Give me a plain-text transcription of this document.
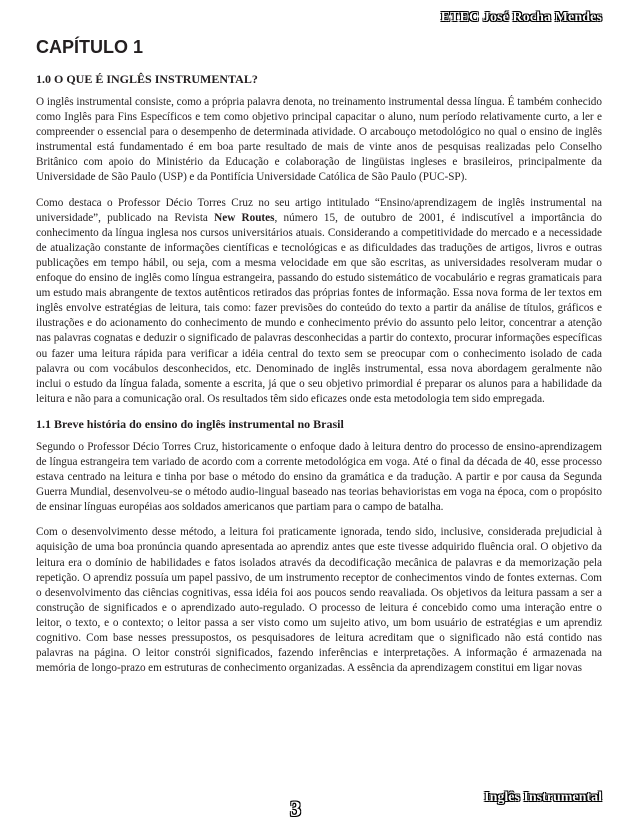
ETEC José Rocha Mendes
CAPÍTULO 1
1.0 O QUE É INGLÊS INSTRUMENTAL?

O inglês instrumental consiste, como a própria palavra denota, no treinamento instrumental dessa língua. É também conhecido como Inglês para Fins Específicos e tem como objetivo principal capacitar o aluno, num período relativamente curto, a ler e compreender o essencial para o desempenho de determinada atividade. O arcabouço metodológico no qual o ensino de inglês instrumental está fundamentado é em boa parte resultado de mais de vinte anos de pesquisas realizadas pelo Conselho Britânico com apoio do Ministério da Educação e colaboração de lingüistas ingleses e brasileiros, principalmente da Universidade de São Paulo (USP) e da Pontifícia Universidade Católica de São Paulo (PUC-SP).

Como destaca o Professor Décio Torres Cruz no seu artigo intitulado “Ensino/aprendizagem de inglês instrumental na universidade”, publicado na Revista New Routes, número 15, de outubro de 2001, é indiscutível a importância do conhecimento da língua inglesa nos cursos universitários atuais. Considerando a competitividade do mercado e a necessidade de atualização constante de informações científicas e tecnológicas e as dificuldades das traduções de artigos, livros e outras publicações em tempo hábil, ou seja, com a mesma velocidade em que são escritas, as universidades resolveram mudar o enfoque do ensino de inglês como língua estrangeira, passando do estudo sistemático de vocabulário e regras gramaticais para um estudo mais abrangente de textos autênticos retirados das próprias fontes de informação. Essa nova forma de ler textos em inglês envolve estratégias de leitura, tais como: fazer previsões do conteúdo do texto a partir da análise de títulos, gráficos e ilustrações e do acionamento do conhecimento de mundo e conhecimento prévio do assunto pelo leitor, concentrar a atenção nas palavras cognatas e deduzir o significado de palavras desconhecidas a partir do contexto, procurar informações específicas ou fazer uma leitura rápida para verificar a idéia central do texto sem se preocupar com o conhecimento isolado de cada palavra ou com vocábulos desconhecidos, etc. Denominado de inglês instrumental, essa nova abordagem geralmente não inclui o estudo da língua falada, somente a escrita, já que o seu objetivo primordial é preparar os alunos para a habilidade da leitura e não para a comunicação oral. Os resultados têm sido eficazes onde esta metodologia tem sido empregada.

1.1 Breve história do ensino do inglês instrumental no Brasil

Segundo o Professor Décio Torres Cruz, historicamente o enfoque dado à leitura dentro do processo de ensino-aprendizagem de língua estrangeira tem variado de acordo com a corrente metodológica em voga. Até o final da década de 40, esse processo estava centrado na leitura e tinha por base o método do ensino da gramática e da tradução. A partir e por causa da Segunda Guerra Mundial, desenvolveu-se o método audio-lingual baseado nas teorias behavioristas em voga na época, com o propósito de ensinar línguas européias aos soldados americanos que partiam para o campo de batalha.

Com o desenvolvimento desse método, a leitura foi praticamente ignorada, tendo sido, inclusive, considerada prejudicial à aquisição de uma boa pronúncia quando apresentada ao aprendiz antes que este tivesse adquirido fluência oral. O objetivo da leitura era o domínio de habilidades e fatos isolados através da decodificação mecânica de palavras e da memorização pela repetição. O aprendiz possuía um papel passivo, de um instrumento receptor de conhecimentos vindo de fontes externas. Com o desenvolvimento das ciências cognitivas, essa idéia foi aos poucos sendo reavaliada. Os objetivos da leitura passam a ser a construção de significados e o aprendizado auto-regulado. O processo de leitura é concebido como uma interação entre o leitor, o texto, e o contexto; o leitor passa a ser visto como um sujeito ativo, um bom usuário de estratégias e um aprendiz cognitivo. Com base nesses pressupostos, os pesquisadores de leitura acreditam que o significado não está contido nas palavras na página. O leitor constrói significados, fazendo inferências e interpretações. A informação é armazenada na memória de longo-prazo em estruturas de conhecimento organizadas. A essência da aprendizagem constitui em ligar novas

3	Inglês Instrumental
